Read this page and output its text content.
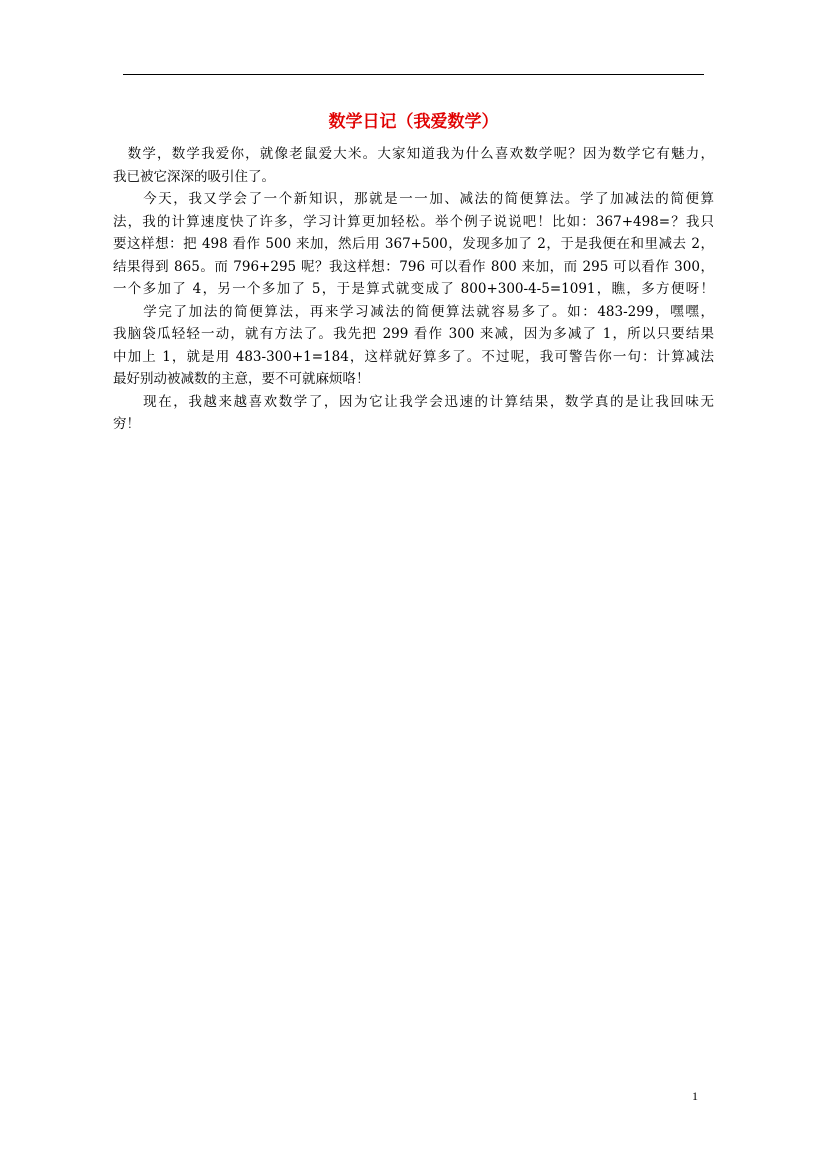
数学日记（我爱数学）
　数学，数学我爱你，就像老鼠爱大米。大家知道我为什么喜欢数学呢？因为数学它有魅力，
我已被它深深的吸引住了。
　　今天，我又学会了一个新知识，那就是一一加、减法的简便算法。学了加减法的简便算
法，我的计算速度快了许多，学习计算更加轻松。举个例子说说吧！比如：367+498=？我只
要这样想：把 498 看作 500 来加，然后用 367+500，发现多加了 2，于是我便在和里减去 2，
结果得到 865。而 796+295 呢？我这样想：796 可以看作 800 来加，而 295 可以看作 300，
一个多加了 4，另一个多加了 5，于是算式就变成了 800+300-4-5=1091，瞧，多方便呀！
　　学完了加法的简便算法，再来学习减法的简便算法就容易多了。如：483-299，嘿嘿，
我脑袋瓜轻轻一动，就有方法了。我先把 299 看作 300 来减，因为多减了 1，所以只要结果
中加上 1，就是用 483-300+1=184，这样就好算多了。不过呢，我可警告你一句：计算减法
最好别动被减数的主意，要不可就麻烦咯！
　　现在，我越来越喜欢数学了，因为它让我学会迅速的计算结果，数学真的是让我回味无
穷！
1
